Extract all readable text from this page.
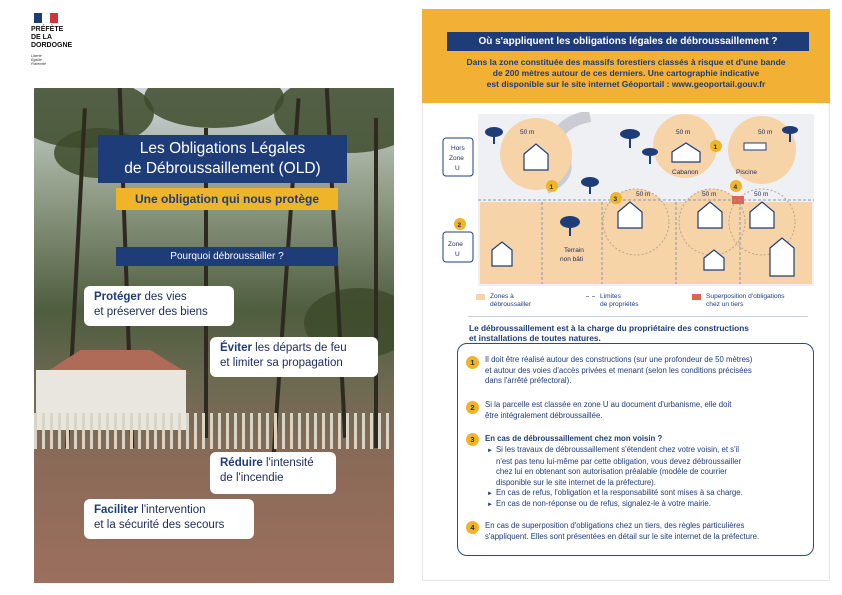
PRÉFÈTE
DE LA
DORDOGNE
Liberté
Égalité
Fraternité
Les Obligations Légales
de Débroussaillement (OLD)
Une obligation qui nous protège
Pourquoi débroussailler ?
Protéger des vies
et préserver des biens
Éviter les départs de feu
et limiter sa propagation
Réduire l'intensité
de l'incendie
Faciliter l'intervention
et la sécurité des secours
Où s'appliquent les obligations légales de débroussaillement ?
Dans la zone constituée des massifs forestiers classés à risque et d'une bande
de 200 mètres autour de ces derniers. Une cartographie indicative
est disponible sur le site internet Géoportail : www.geoportail.gouv.fr
50 m	50 m	50 m
50 m	50 m	50 m
Cabanon	Piscine
Terrain
non bâti
1
1
2
3
4
Hors
Zone
U
Zone
U
Zones à
débroussailler
Limites
de propriétés
Superposition d'obligations
chez un tiers
Le débroussaillement est à la charge du propriétaire des constructions
et installations de toutes natures.
1	Il doit être réalisé autour des constructions (sur une profondeur de 50 mètres)
et autour des voies d'accès privées et menant (selon les conditions précisées
dans l'arrêté préfectoral).
2	Si la parcelle est classée en zone U au document d'urbanisme, elle doit
être intégralement débroussaillée.
3	En cas de débroussaillement chez mon voisin ?
► Si les travaux de débroussaillement s'étendent chez votre voisin, et s'il
n'est pas tenu lui-même par cette obligation, vous devez débroussailler
chez lui en obtenant son autorisation préalable (modèle de courrier
disponible sur le site internet de la préfecture).
► En cas de refus, l'obligation et la responsabilité sont mises à sa charge.
► En cas de non-réponse ou de refus, signalez-le à votre mairie.
4	En cas de superposition d'obligations chez un tiers, des règles particulières
s'appliquent. Elles sont présentées en détail sur le site internet de la préfecture.
